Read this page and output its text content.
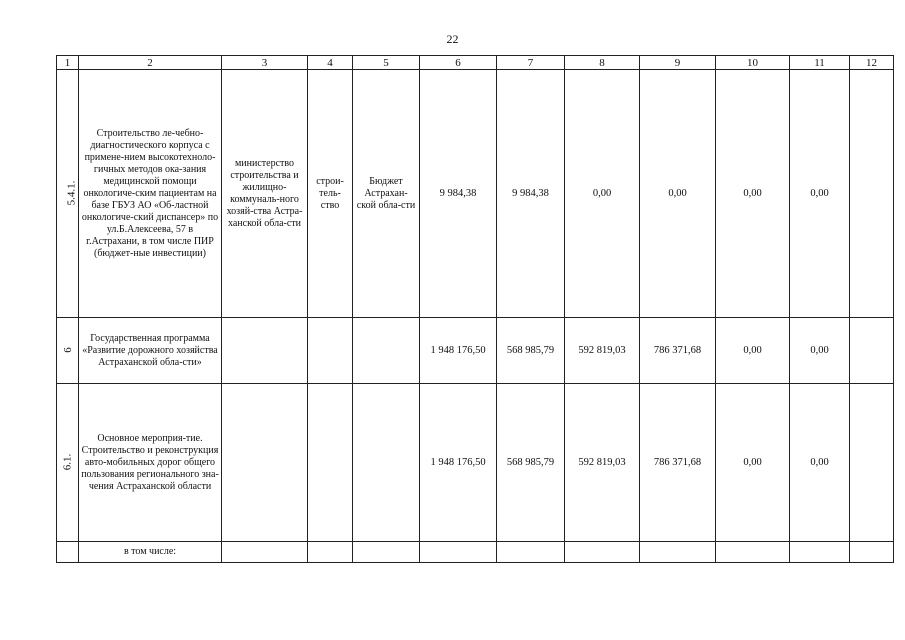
22
1	2	3	4	5	6	7	8	9	10	11	12
5.4.1.	Строительство ле-чебно-диагностического корпуса с примене-нием высокотехноло-гичных методов ока-зания медицинской помощи онкологиче-ским пациентам на базе ГБУЗ АО «Об-ластной онкологиче-ский диспансер» по ул.Б.Алексеева, 57 в г.Астрахани, в том числе ПИР (бюджет-ные инвестиции)	министерство строительства и жилищно-коммуналь-ного хозяй-ства Астра-ханской обла-сти	строи-тель-ство	Бюджет Астрахан-ской обла-сти	9 984,38	9 984,38	0,00	0,00	0,00	0,00	
6	Государственная программа «Развитие дорожного хозяйства Астраханской обла-сти»				1 948 176,50	568 985,79	592 819,03	786 371,68	0,00	0,00	
6.1.	Основное мероприя-тие. Строительство и реконструкция авто-мобильных дорог общего пользования регионального зна-чения Астраханской области				1 948 176,50	568 985,79	592 819,03	786 371,68	0,00	0,00	
	в том числе:										
